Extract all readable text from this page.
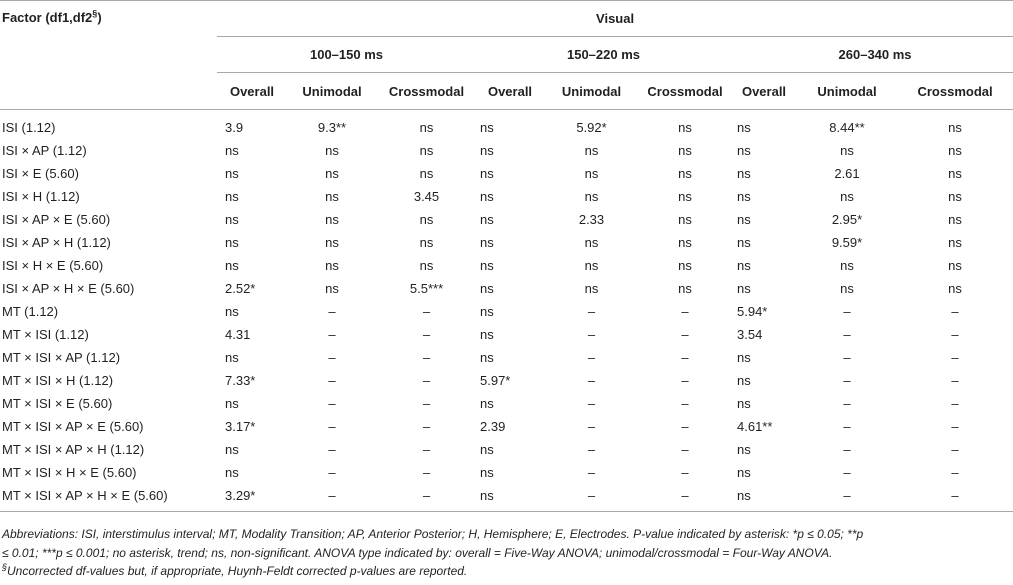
Factor (df1,df2§)	Visual								
	100–150 ms			150–220 ms			260–340 ms		
	Overall	Unimodal	Crossmodal	Overall	Unimodal	Crossmodal	Overall	Unimodal	Crossmodal
ISI (1.12)	3.9	9.3**	ns	ns	5.92*	ns	ns	8.44**	ns
ISI × AP (1.12)	ns	ns	ns	ns	ns	ns	ns	ns	ns
ISI × E (5.60)	ns	ns	ns	ns	ns	ns	ns	2.61	ns
ISI × H (1.12)	ns	ns	3.45	ns	ns	ns	ns	ns	ns
ISI × AP × E (5.60)	ns	ns	ns	ns	2.33	ns	ns	2.95*	ns
ISI × AP × H (1.12)	ns	ns	ns	ns	ns	ns	ns	9.59*	ns
ISI × H × E (5.60)	ns	ns	ns	ns	ns	ns	ns	ns	ns
ISI × AP × H × E (5.60)	2.52*	ns	5.5***	ns	ns	ns	ns	ns	ns
MT (1.12)	ns	–	–	ns	–	–	5.94*	–	–
MT × ISI (1.12)	4.31	–	–	ns	–	–	3.54	–	–
MT × ISI × AP (1.12)	ns	–	–	ns	–	–	ns	–	–
MT × ISI × H (1.12)	7.33*	–	–	5.97*	–	–	ns	–	–
MT × ISI × E (5.60)	ns	–	–	ns	–	–	ns	–	–
MT × ISI × AP × E (5.60)	3.17*	–	–	2.39	–	–	4.61**	–	–
MT × ISI × AP × H (1.12)	ns	–	–	ns	–	–	ns	–	–
MT × ISI × H × E (5.60)	ns	–	–	ns	–	–	ns	–	–
MT × ISI × AP × H × E (5.60)	3.29*	–	–	ns	–	–	ns	–	–
Abbreviations: ISI, interstimulus interval; MT, Modality Transition; AP, Anterior Posterior; H, Hemisphere; E, Electrodes. P-value indicated by asterisk: *p ≤ 0.05; **p
≤ 0.01; ***p ≤ 0.001; no asterisk, trend; ns, non-significant. ANOVA type indicated by: overall = Five-Way ANOVA; unimodal/crossmodal = Four-Way ANOVA.
§Uncorrected df-values but, if appropriate, Huynh-Feldt corrected p-values are reported.
